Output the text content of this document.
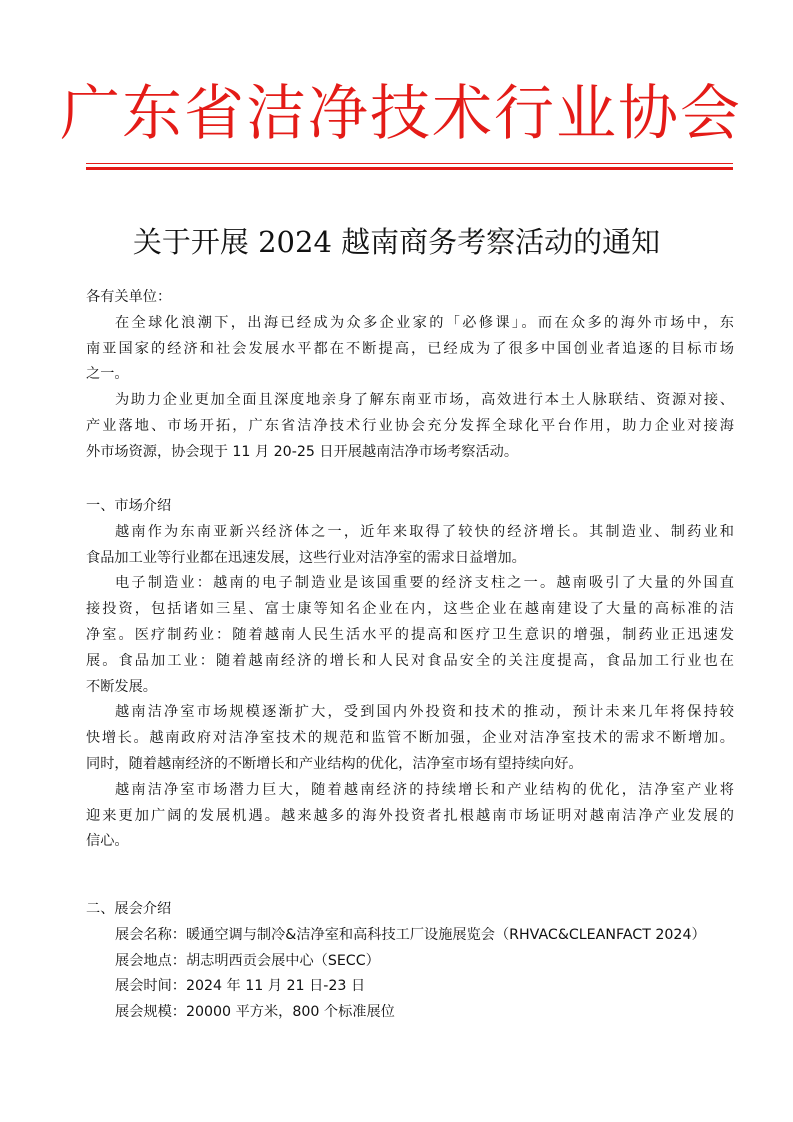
广东省洁净技术行业协会
关于开展 2024 越南商务考察活动的通知
各有关单位：
在全球化浪潮下，出海已经成为众多企业家的「必修课」。而在众多的海外市场中，东
南亚国家的经济和社会发展水平都在不断提高，已经成为了很多中国创业者追逐的目标市场
之一。
为助力企业更加全面且深度地亲身了解东南亚市场，高效进行本土人脉联结、资源对接、
产业落地、市场开拓，广东省洁净技术行业协会充分发挥全球化平台作用，助力企业对接海
外市场资源，协会现于 11 月 20-25 日开展越南洁净市场考察活动。
一、市场介绍
越南作为东南亚新兴经济体之一，近年来取得了较快的经济增长。其制造业、制药业和
食品加工业等行业都在迅速发展，这些行业对洁净室的需求日益增加。
电子制造业：越南的电子制造业是该国重要的经济支柱之一。越南吸引了大量的外国直
接投资，包括诸如三星、富士康等知名企业在内，这些企业在越南建设了大量的高标准的洁
净室。医疗制药业：随着越南人民生活水平的提高和医疗卫生意识的增强，制药业正迅速发
展。食品加工业：随着越南经济的增长和人民对食品安全的关注度提高，食品加工行业也在
不断发展。
越南洁净室市场规模逐渐扩大，受到国内外投资和技术的推动，预计未来几年将保持较
快增长。越南政府对洁净室技术的规范和监管不断加强，企业对洁净室技术的需求不断增加。
同时，随着越南经济的不断增长和产业结构的优化，洁净室市场有望持续向好。
越南洁净室市场潜力巨大，随着越南经济的持续增长和产业结构的优化，洁净室产业将
迎来更加广阔的发展机遇。越来越多的海外投资者扎根越南市场证明对越南洁净产业发展的
信心。
二、展会介绍
展会名称：暖通空调与制冷&洁净室和高科技工厂设施展览会（RHVAC&CLEANFACT 2024）
展会地点：胡志明西贡会展中心（SECC）
展会时间：2024 年 11 月 21 日-23 日
展会规模：20000 平方米，800 个标准展位
